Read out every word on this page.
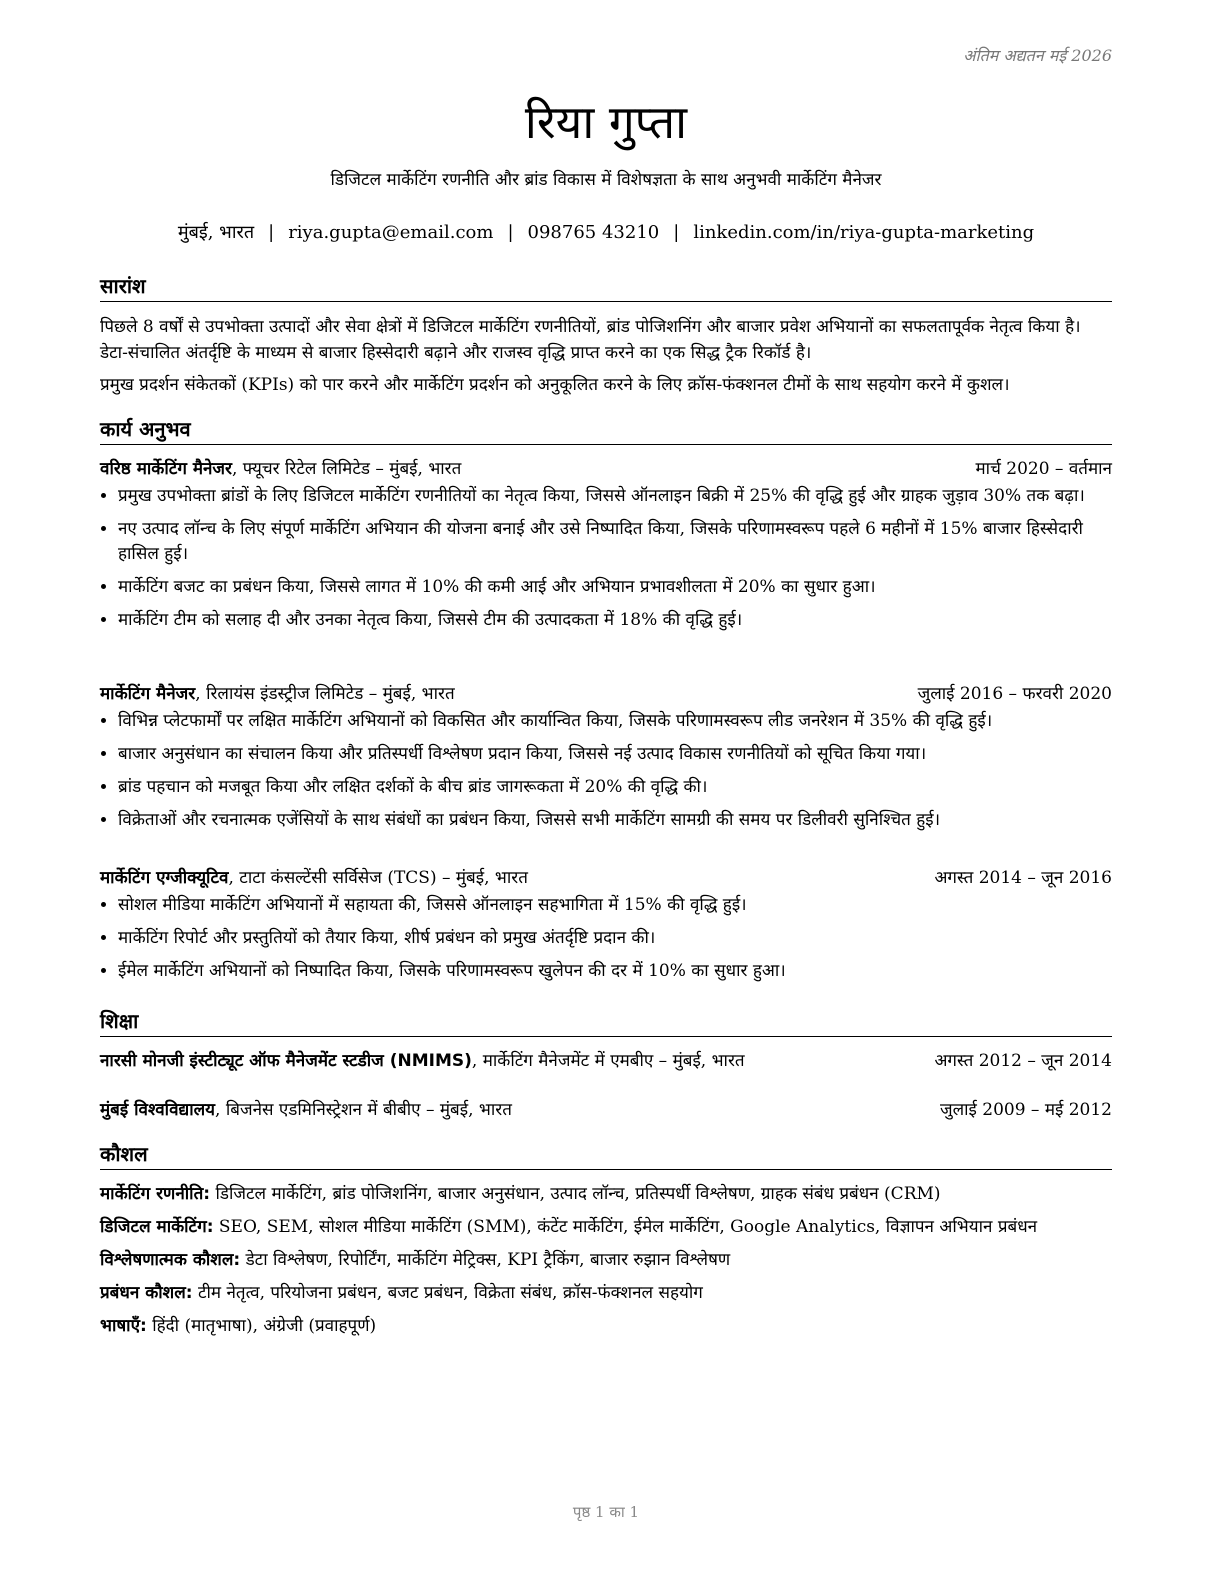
अंतिम अद्यतन मई 2026
रिया गुप्ता
डिजिटल मार्केटिंग रणनीति और ब्रांड विकास में विशेषज्ञता के साथ अनुभवी मार्केटिंग मैनेजर
मुंबई, भारत | riya.gupta@email.com | 098765 43210 | linkedin.com/in/riya-gupta-marketing
सारांश

पिछले 8 वर्षों से उपभोक्ता उत्पादों और सेवा क्षेत्रों में डिजिटल मार्केटिंग रणनीतियों, ब्रांड पोजिशनिंग और बाजार प्रवेश अभियानों का सफलतापूर्वक नेतृत्व किया है। डेटा-संचालित अंतर्दृष्टि के माध्यम से बाजार हिस्सेदारी बढ़ाने और राजस्व वृद्धि प्राप्त करने का एक सिद्ध ट्रैक रिकॉर्ड है।

प्रमुख प्रदर्शन संकेतकों (KPIs) को पार करने और मार्केटिंग प्रदर्शन को अनुकूलित करने के लिए क्रॉस-फंक्शनल टीमों के साथ सहयोग करने में कुशल।

कार्य अनुभव
वरिष्ठ मार्केटिंग मैनेजर, फ्यूचर रिटेल लिमिटेड – मुंबई, भारत	मार्च 2020 – वर्तमान
• प्रमुख उपभोक्ता ब्रांडों के लिए डिजिटल मार्केटिंग रणनीतियों का नेतृत्व किया, जिससे ऑनलाइन बिक्री में 25% की वृद्धि हुई और ग्राहक जुड़ाव 30% तक बढ़ा।
• नए उत्पाद लॉन्च के लिए संपूर्ण मार्केटिंग अभियान की योजना बनाई और उसे निष्पादित किया, जिसके परिणामस्वरूप पहले 6 महीनों में 15% बाजार हिस्सेदारी हासिल हुई।
• मार्केटिंग बजट का प्रबंधन किया, जिससे लागत में 10% की कमी आई और अभियान प्रभावशीलता में 20% का सुधार हुआ।
• मार्केटिंग टीम को सलाह दी और उनका नेतृत्व किया, जिससे टीम की उत्पादकता में 18% की वृद्धि हुई।
मार्केटिंग मैनेजर, रिलायंस इंडस्ट्रीज लिमिटेड – मुंबई, भारत	जुलाई 2016 – फरवरी 2020
• विभिन्न प्लेटफार्मों पर लक्षित मार्केटिंग अभियानों को विकसित और कार्यान्वित किया, जिसके परिणामस्वरूप लीड जनरेशन में 35% की वृद्धि हुई।
• बाजार अनुसंधान का संचालन किया और प्रतिस्पर्धी विश्लेषण प्रदान किया, जिससे नई उत्पाद विकास रणनीतियों को सूचित किया गया।
• ब्रांड पहचान को मजबूत किया और लक्षित दर्शकों के बीच ब्रांड जागरूकता में 20% की वृद्धि की।
• विक्रेताओं और रचनात्मक एजेंसियों के साथ संबंधों का प्रबंधन किया, जिससे सभी मार्केटिंग सामग्री की समय पर डिलीवरी सुनिश्चित हुई।
मार्केटिंग एग्जीक्यूटिव, टाटा कंसल्टेंसी सर्विसेज (TCS) – मुंबई, भारत	अगस्त 2014 – जून 2016
• सोशल मीडिया मार्केटिंग अभियानों में सहायता की, जिससे ऑनलाइन सहभागिता में 15% की वृद्धि हुई।
• मार्केटिंग रिपोर्ट और प्रस्तुतियों को तैयार किया, शीर्ष प्रबंधन को प्रमुख अंतर्दृष्टि प्रदान की।
• ईमेल मार्केटिंग अभियानों को निष्पादित किया, जिसके परिणामस्वरूप खुलेपन की दर में 10% का सुधार हुआ।
शिक्षा
नारसी मोनजी इंस्टीट्यूट ऑफ मैनेजमेंट स्टडीज (NMIMS), मार्केटिंग मैनेजमेंट में एमबीए – मुंबई, भारत	अगस्त 2012 – जून 2014
मुंबई विश्वविद्यालय, बिजनेस एडमिनिस्ट्रेशन में बीबीए – मुंबई, भारत	जुलाई 2009 – मई 2012
कौशल
मार्केटिंग रणनीति: डिजिटल मार्केटिंग, ब्रांड पोजिशनिंग, बाजार अनुसंधान, उत्पाद लॉन्च, प्रतिस्पर्धी विश्लेषण, ग्राहक संबंध प्रबंधन (CRM)
डिजिटल मार्केटिंग: SEO, SEM, सोशल मीडिया मार्केटिंग (SMM), कंटेंट मार्केटिंग, ईमेल मार्केटिंग, Google Analytics, विज्ञापन अभियान प्रबंधन
विश्लेषणात्मक कौशल: डेटा विश्लेषण, रिपोर्टिंग, मार्केटिंग मेट्रिक्स, KPI ट्रैकिंग, बाजार रुझान विश्लेषण
प्रबंधन कौशल: टीम नेतृत्व, परियोजना प्रबंधन, बजट प्रबंधन, विक्रेता संबंध, क्रॉस-फंक्शनल सहयोग
भाषाएँ: हिंदी (मातृभाषा), अंग्रेजी (प्रवाहपूर्ण)
पृष्ठ 1 का 1
